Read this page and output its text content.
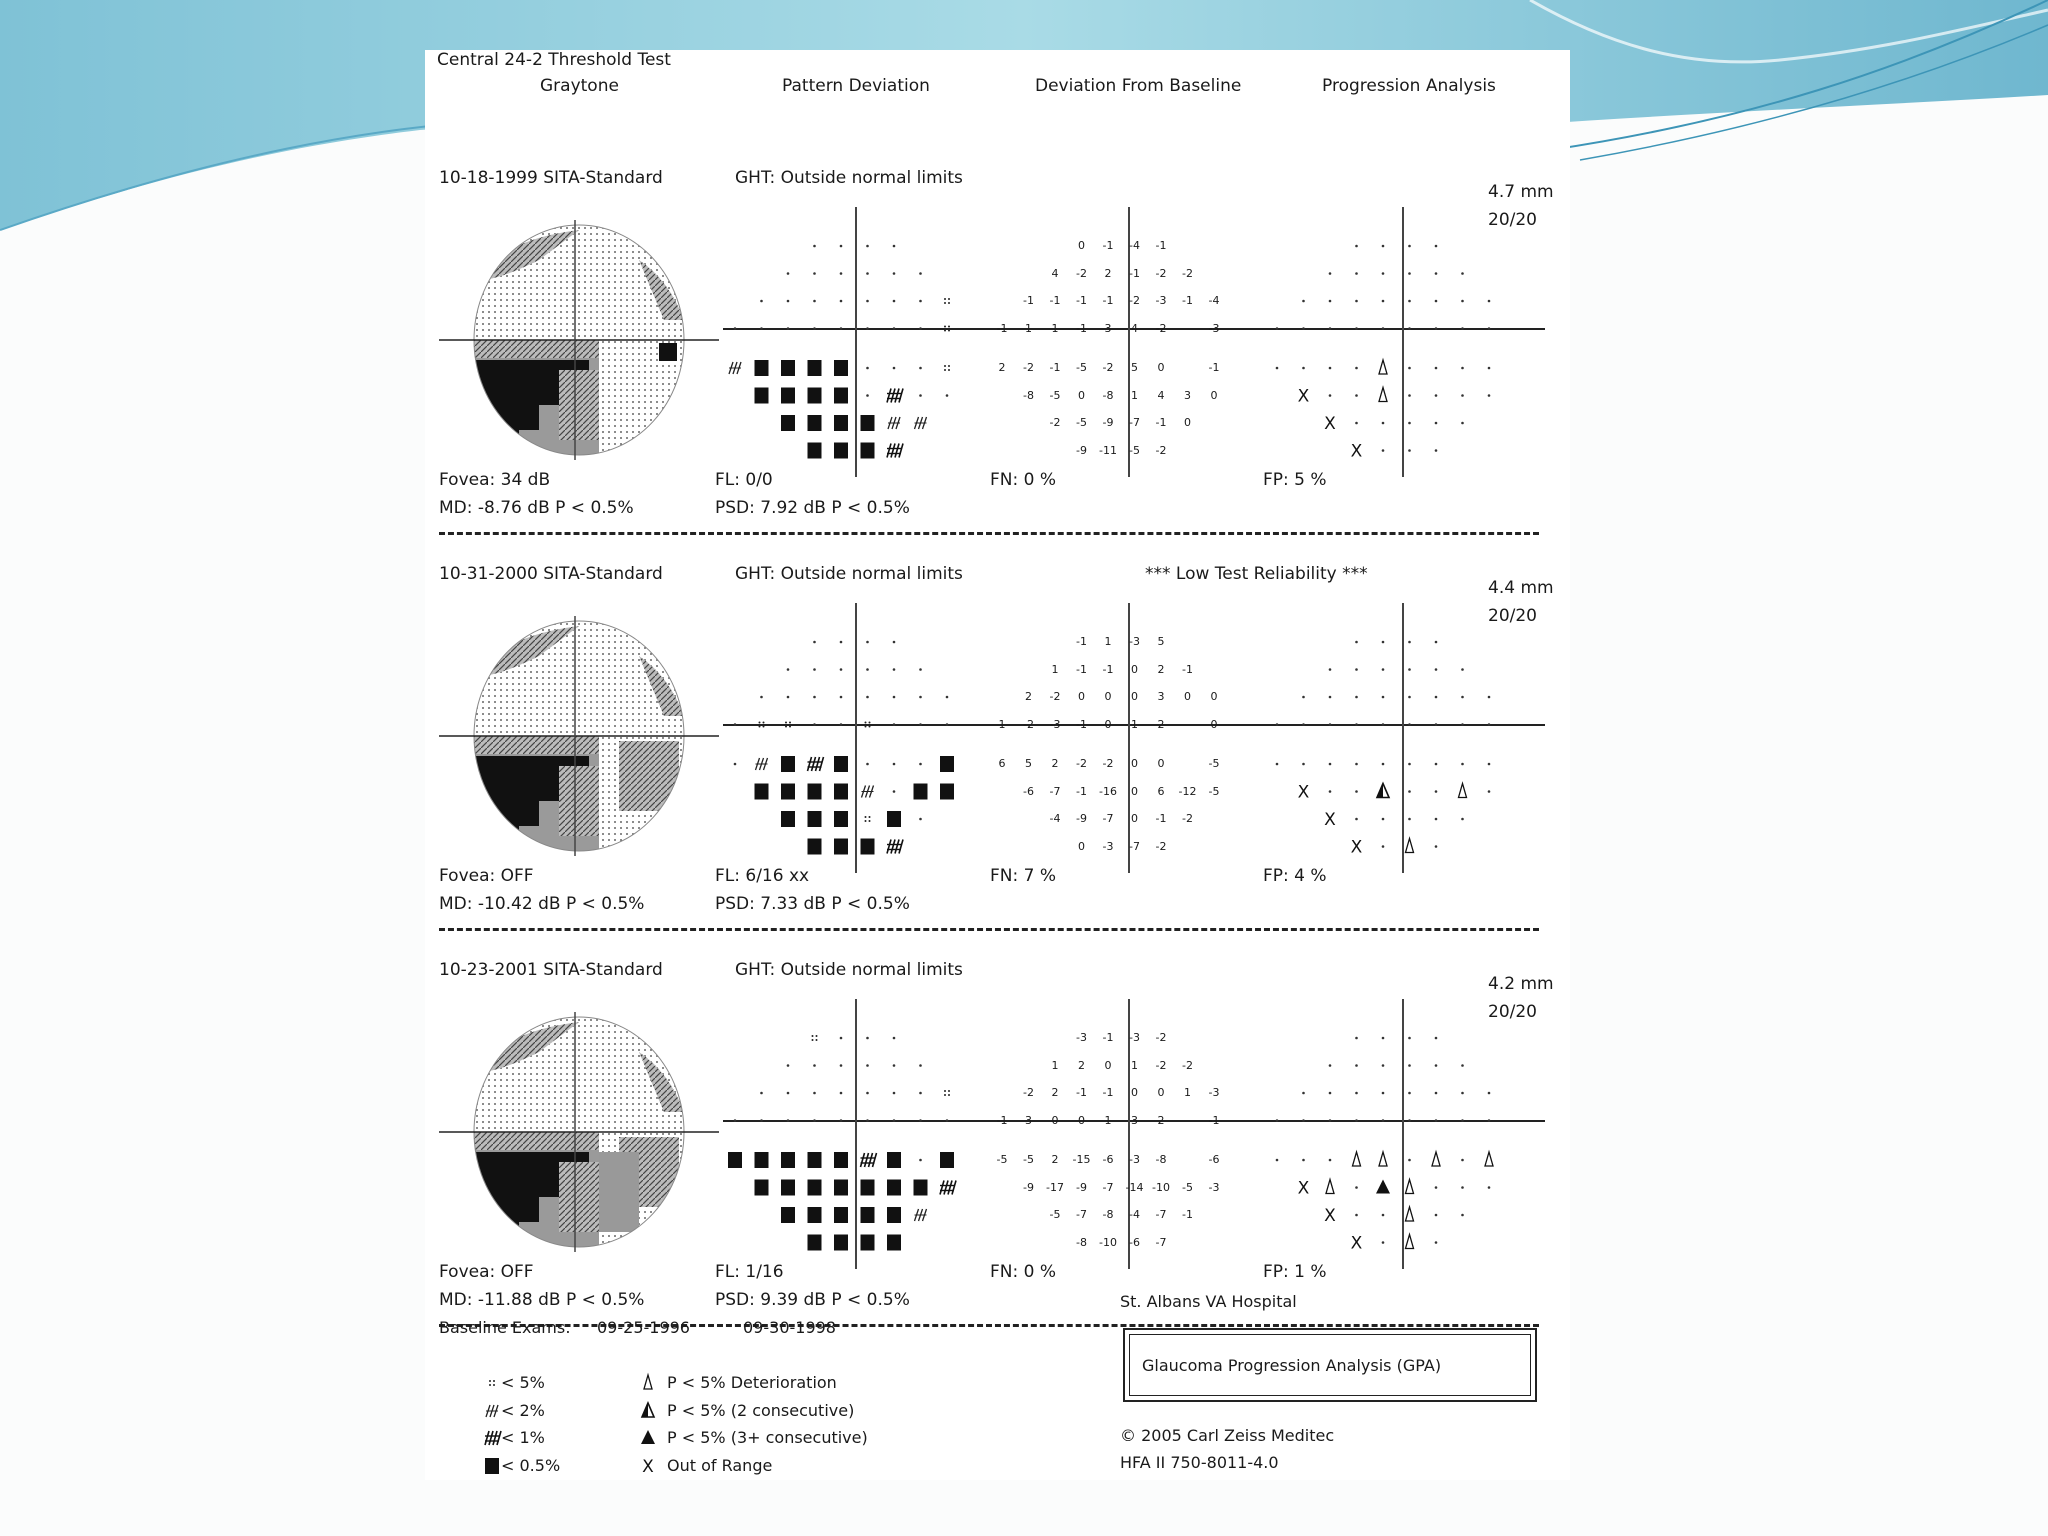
Central 24-2 Threshold Test
Graytone	Pattern Deviation	Deviation From Baseline	Progression Analysis
10-18-1999 SITA-Standard	GHT: Outside normal limits
4.7 mm
20/20
Fovea: 34 dB
MD: -8.76 dB P < 0.5%
FL: 0/0
PSD: 7.92 dB P < 0.5%
FN: 0 %	FP: 5 %
0	-1	-4	-1
4	-2	2	-1	-2	-2
-1	-1	-1	-1	-2	-3	-1	-4
-1	1	1	-1	3	4	-2	-3
2	-2	-1	-5	-2	5	0	-1
-8	-5	0	-8	1	4	3	0
-2	-5	-9	-7	-1	0
-9	-11	-5	-2
X
X
X
10-31-2000 SITA-Standard	GHT: Outside normal limits	*** Low Test Reliability ***
4.4 mm
20/20
Fovea: OFF
MD: -10.42 dB P < 0.5%
FL: 6/16 xx
PSD: 7.33 dB P < 0.5%
FN: 7 %	FP: 4 %
-1	1	-3	5
1	-1	-1	0	2	-1
2	-2	0	0	0	3	0	0
1	-2	-3	-1	0	1	2	0
6	5	2	-2	-2	0	0	-5
-6	-7	-1	-16	0	6	-12	-5
-4	-9	-7	0	-1	-2
0	-3	-7	-2
X
X
X
10-23-2001 SITA-Standard	GHT: Outside normal limits
4.2 mm
20/20
Fovea: OFF
MD: -11.88 dB P < 0.5%
FL: 1/16
PSD: 9.39 dB P < 0.5%
FN: 0 %	FP: 1 %
-3	-1	-3	-2
1	2	0	1	-2	-2
-2	2	-1	-1	0	0	1	-3
-1	3	0	0	1	3	2	-1
-5	-5	2	-15	-6	-3	-8	-6
-9	-17	-9	-7	-14 -10	-5	-3
-5	-7	-8	-4	-7	-1
-8	-10	-6	-7
X
X
X
St. Albans VA Hospital
Baseline Exams: 09-25-1996	09-30-1998
Glaucoma Progression Analysis (GPA)
< 5%
< 2%
< 1%
< 0.5%
P < 5% Deterioration
P < 5% (2 consecutive)
P < 5% (3+ consecutive)
X Out of Range
© 2005 Carl Zeiss Meditec
HFA II 750-8011-4.0
